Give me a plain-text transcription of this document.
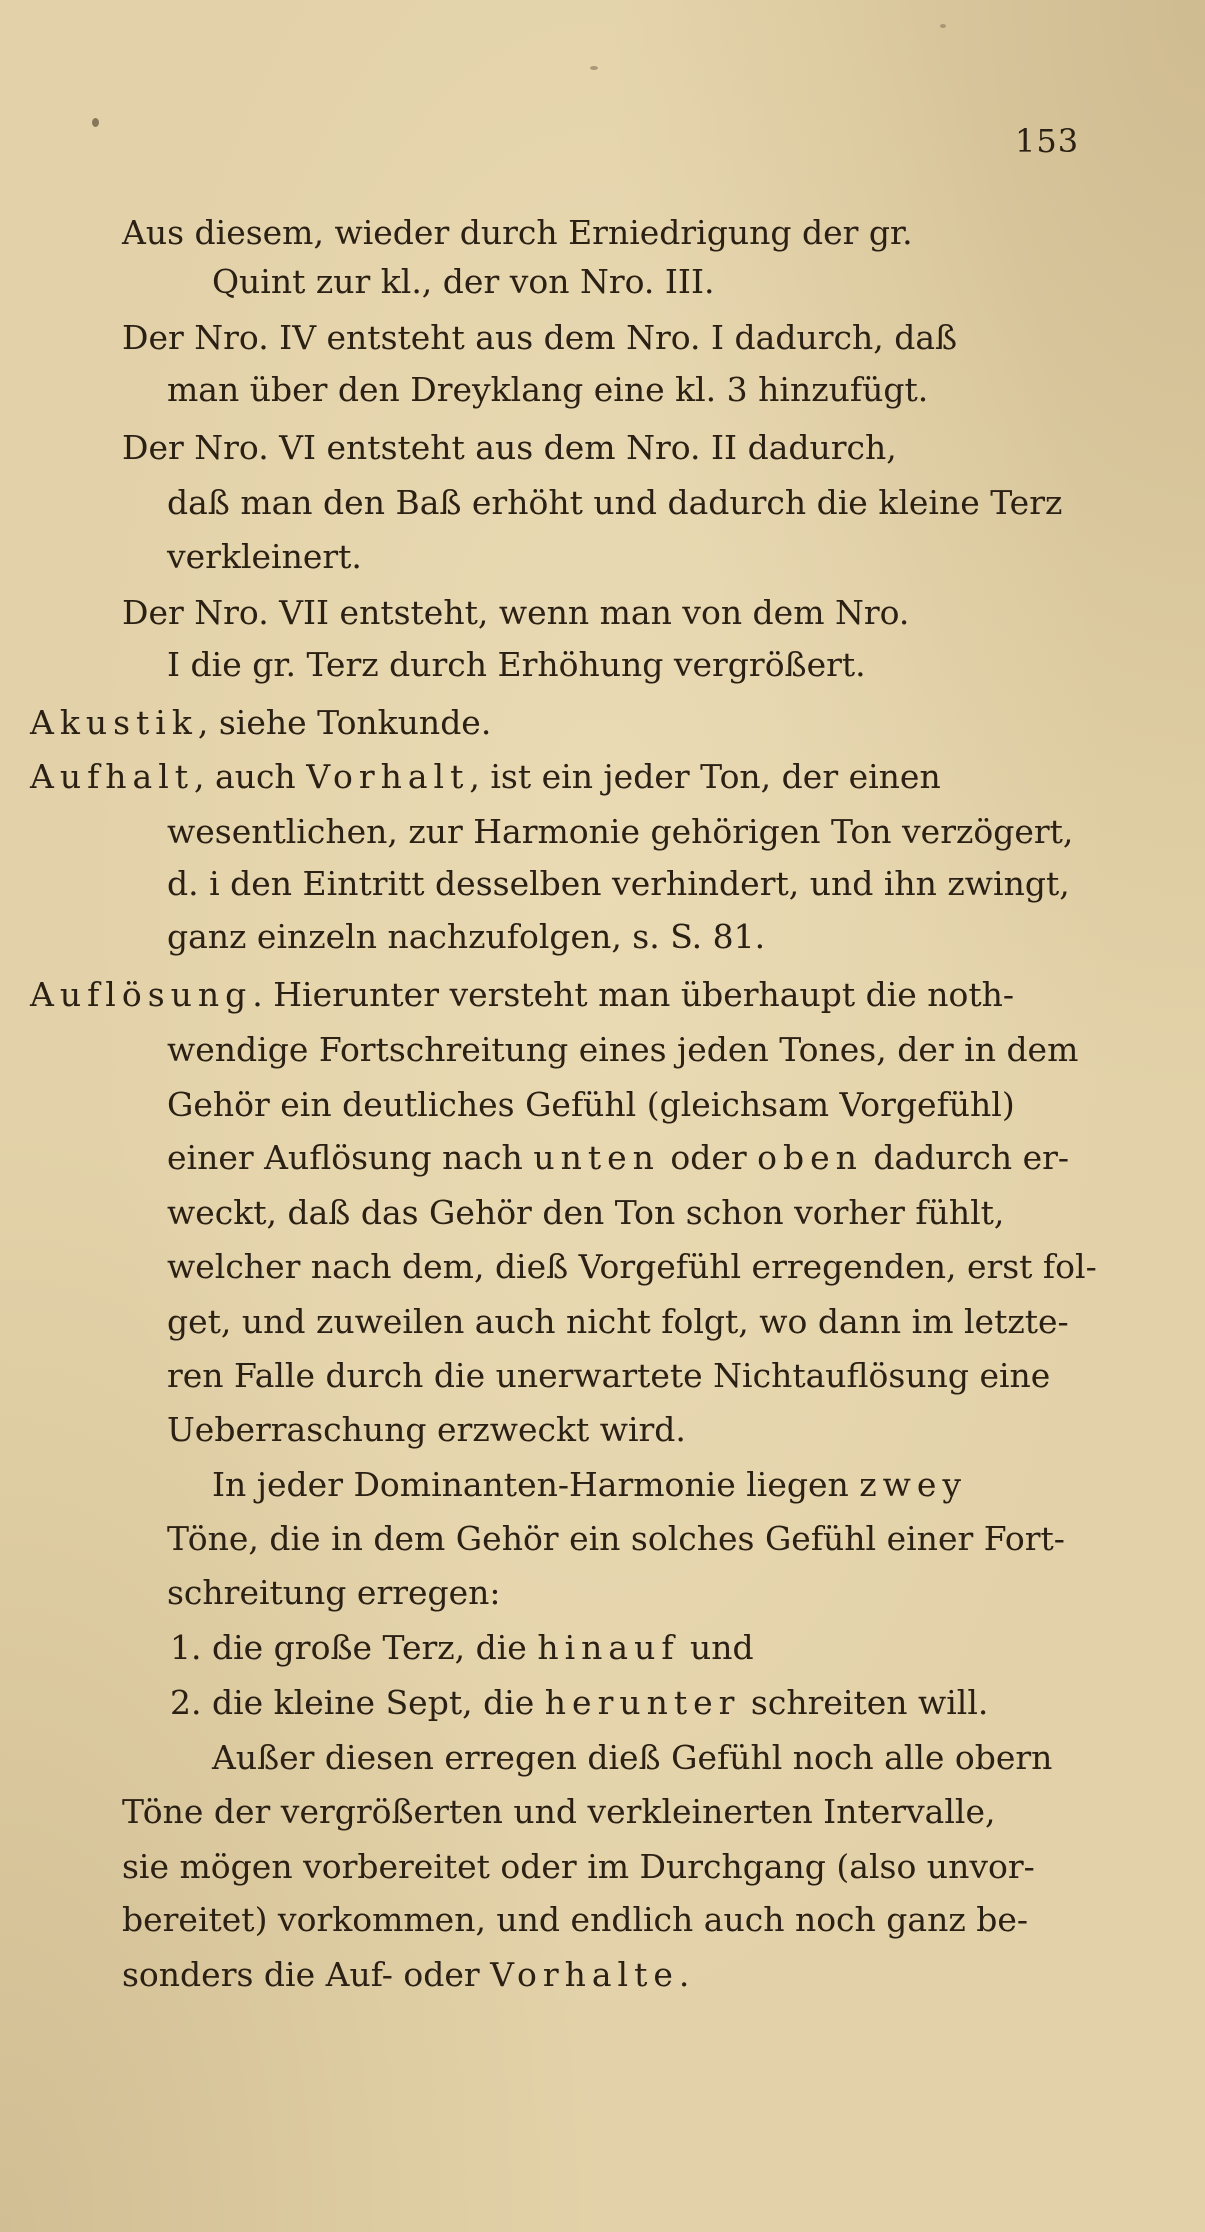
153
Aus diesem, wieder durch Erniedrigung der gr.
Quint zur kl., der von Nro. III.
Der Nro. IV entsteht aus dem Nro. I dadurch, daß
man über den Dreyklang eine kl. 3 hinzufügt.
Der Nro. VI entsteht aus dem Nro. II dadurch,
daß man den Baß erhöht und dadurch die kleine Terz
verkleinert.
Der Nro. VII entsteht, wenn man von dem Nro.
I die gr. Terz durch Erhöhung vergrößert.
Akustik, siehe Tonkunde.
Aufhalt, auch Vorhalt, ist ein jeder Ton, der einen
wesentlichen, zur Harmonie gehörigen Ton verzögert,
d. i den Eintritt desselben verhindert, und ihn zwingt,
ganz einzeln nachzufolgen, s. S. 81.
Auflösung. Hierunter versteht man überhaupt die noth-
wendige Fortschreitung eines jeden Tones, der in dem
Gehör ein deutliches Gefühl (gleichsam Vorgefühl)
einer Auflösung nach unten oder oben dadurch er-
weckt, daß das Gehör den Ton schon vorher fühlt,
welcher nach dem, dieß Vorgefühl erregenden, erst fol-
get, und zuweilen auch nicht folgt, wo dann im letzte-
ren Falle durch die unerwartete Nichtauflösung eine
Ueberraschung erzweckt wird.
In jeder Dominanten-Harmonie liegen zwey
Töne, die in dem Gehör ein solches Gefühl einer Fort-
schreitung erregen:
1. die große Terz, die hinauf und
2. die kleine Sept, die herunter schreiten will.
Außer diesen erregen dieß Gefühl noch alle obern
Töne der vergrößerten und verkleinerten Intervalle,
sie mögen vorbereitet oder im Durchgang (also unvor-
bereitet) vorkommen, und endlich auch noch ganz be-
sonders die Auf- oder Vorhalte.
